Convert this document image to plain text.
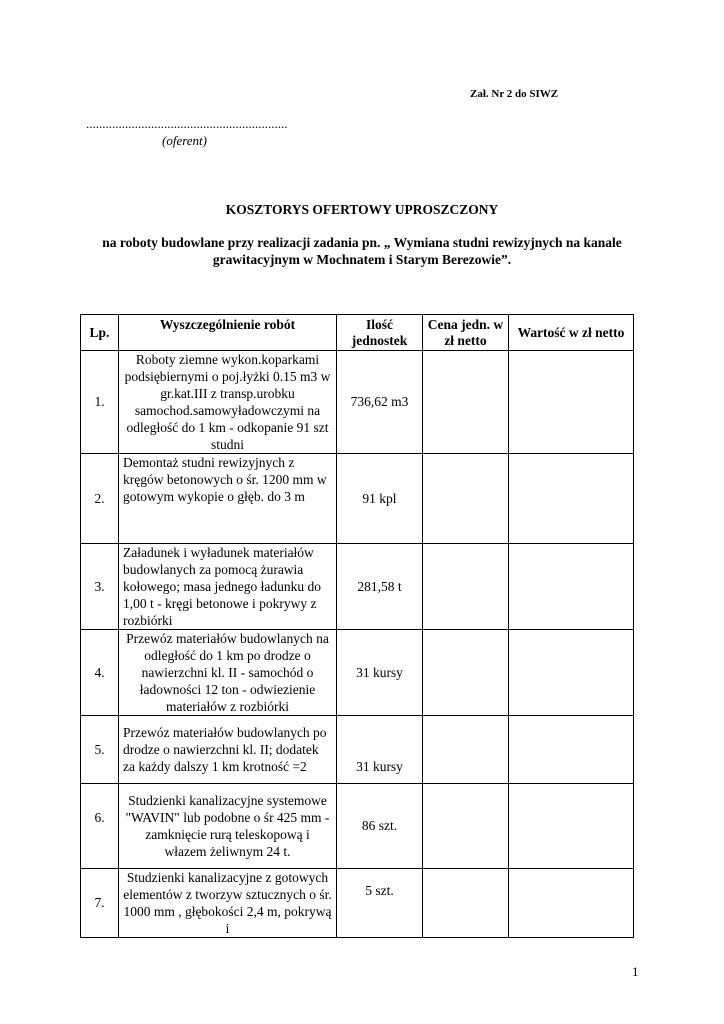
Zał. Nr 2 do SIWZ
..............................................................
(oferent)
KOSZTORYS OFERTOWY UPROSZCZONY
na roboty budowlane przy realizacji zadania pn. „ Wymiana studni rewizyjnych na kanale grawitacyjnym w Mochnatem i Starym Berezowie”.
Lp.	Wyszczególnienie robót	Ilość jednostek	Cena jedn. w zł netto	Wartość w zł netto
1.	Roboty ziemne wykon.koparkami podsiębiernymi o poj.łyżki 0.15 m3 w gr.kat.III z transp.urobku samochod.samowyładowczymi na odległość do 1 km - odkopanie 91 szt studni	736,62 m3		
2.	Demontaż studni rewizyjnych z kręgów betonowych o śr. 1200 mm w gotowym wykopie o głęb. do 3 m	91 kpl		
3.	Załadunek i wyładunek materiałów budowlanych za pomocą żurawia kołowego; masa jednego ładunku do 1,00 t - kręgi betonowe i pokrywy z rozbiórki	281,58 t		
4.	Przewóz materiałów budowlanych na odległość do 1 km po drodze o nawierzchni kl. II - samochód o ładowności 12 ton - odwiezienie materiałów z rozbiórki	31 kursy		
5.	Przewóz materiałów budowlanych po drodze o nawierzchni kl. II; dodatek za każdy dalszy 1 km krotność =2	31 kursy		
6.	Studzienki kanalizacyjne systemowe "WAVIN" lub podobne o śr 425 mm - zamknięcie rurą teleskopową i włazem żeliwnym 24 t.	86 szt.		
7.	Studzienki kanalizacyjne z gotowych elementów z tworzyw sztucznych o śr. 1000 mm , głębokości 2,4 m, pokrywą i	5 szt.		
1
